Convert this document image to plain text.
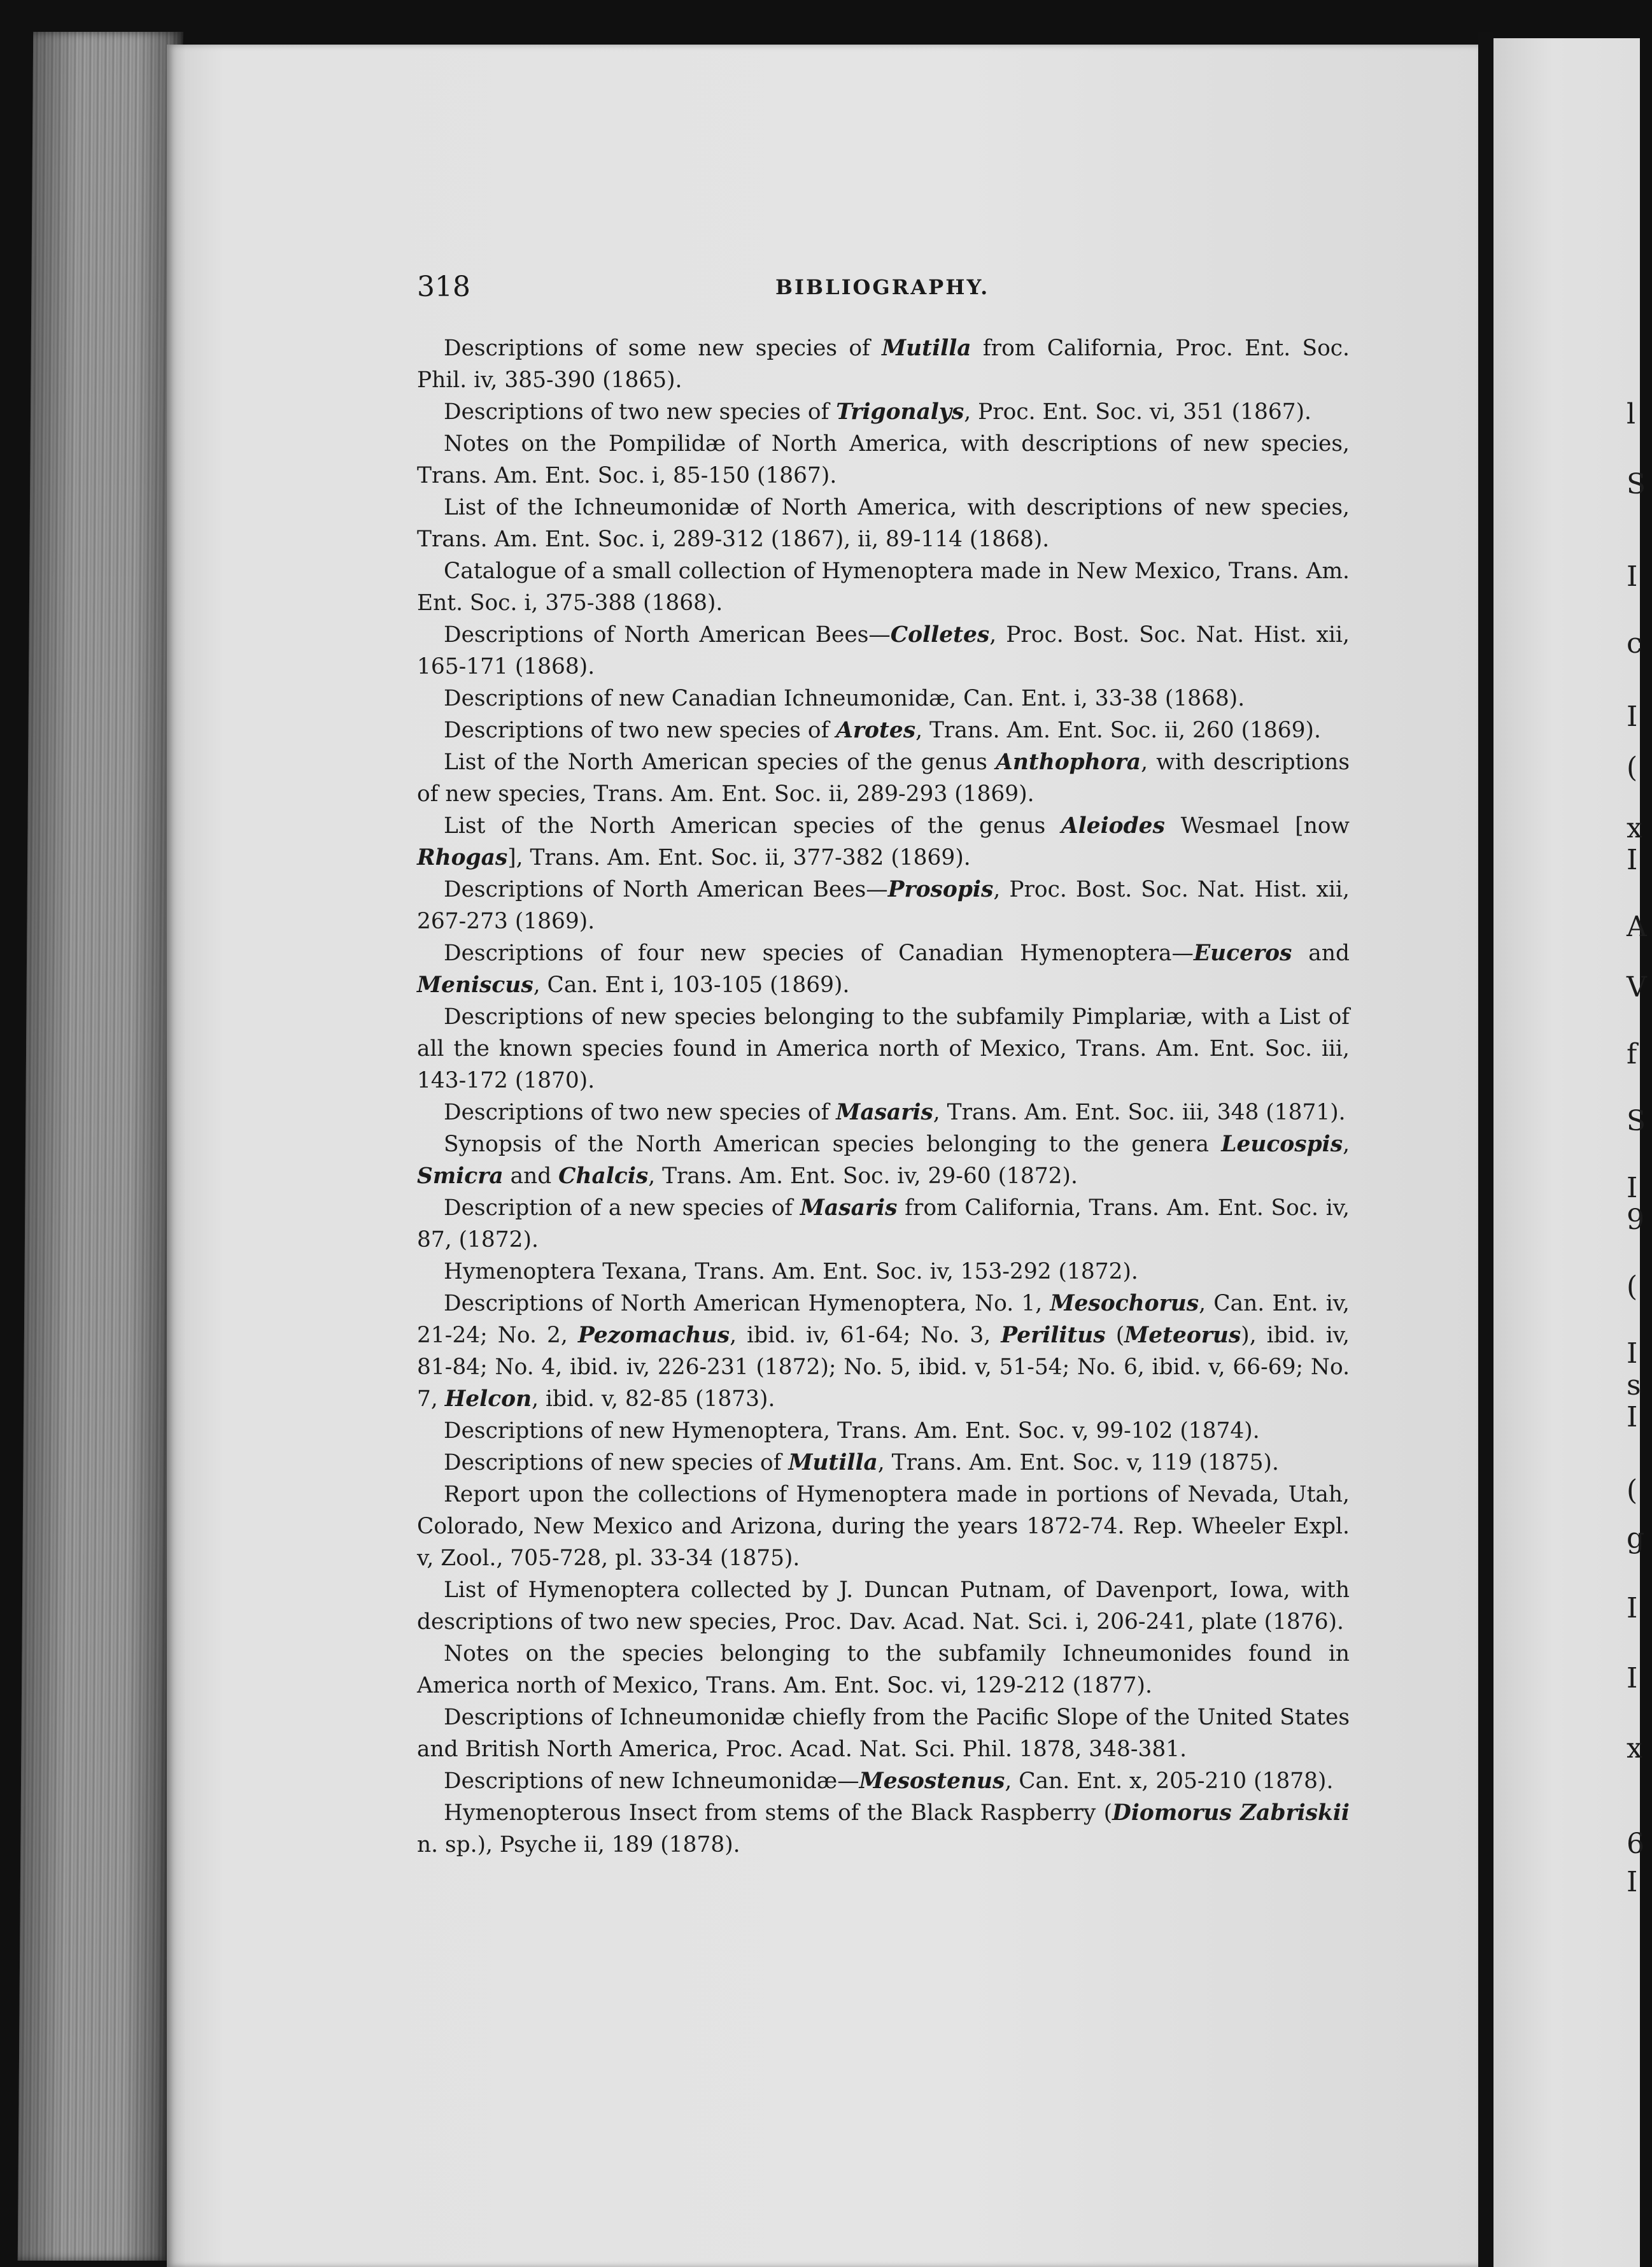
l
S
I
c
I
(
x
I
A
V
f
S
I
9
(
I
s
I
(
g
I
I
x
6
I
318	BIBLIOGRAPHY.
Descriptions of some new species of Mutilla from California, Proc. Ent. Soc. Phil. iv, 385-390 (1865).
Descriptions of two new species of Trigonalys, Proc. Ent. Soc. vi, 351 (1867).
Notes on the Pompilidæ of North America, with descriptions of new species, Trans. Am. Ent. Soc. i, 85-150 (1867).
List of the Ichneumonidæ of North America, with descriptions of new species, Trans. Am. Ent. Soc. i, 289-312 (1867), ii, 89-114 (1868).
Catalogue of a small collection of Hymenoptera made in New Mexico, Trans. Am. Ent. Soc. i, 375-388 (1868).
Descriptions of North American Bees—Colletes, Proc. Bost. Soc. Nat. Hist. xii, 165-171 (1868).
Descriptions of new Canadian Ichneumonidæ, Can. Ent. i, 33-38 (1868).
Descriptions of two new species of Arotes, Trans. Am. Ent. Soc. ii, 260 (1869).
List of the North American species of the genus Anthophora, with descriptions of new species, Trans. Am. Ent. Soc. ii, 289-293 (1869).
List of the North American species of the genus Aleiodes Wesmael [now Rhogas], Trans. Am. Ent. Soc. ii, 377-382 (1869).
Descriptions of North American Bees—Prosopis, Proc. Bost. Soc. Nat. Hist. xii, 267-273 (1869).
Descriptions of four new species of Canadian Hymenoptera—Euceros and Meniscus, Can. Ent i, 103-105 (1869).
Descriptions of new species belonging to the subfamily Pimplariæ, with a List of all the known species found in America north of Mexico, Trans. Am. Ent. Soc. iii, 143-172 (1870).
Descriptions of two new species of Masaris, Trans. Am. Ent. Soc. iii, 348 (1871).
Synopsis of the North American species belonging to the genera Leucospis, Smicra and Chalcis, Trans. Am. Ent. Soc. iv, 29-60 (1872).
Description of a new species of Masaris from California, Trans. Am. Ent. Soc. iv, 87, (1872).
Hymenoptera Texana, Trans. Am. Ent. Soc. iv, 153-292 (1872).
Descriptions of North American Hymenoptera, No. 1, Mesochorus, Can. Ent. iv, 21-24; No. 2, Pezomachus, ibid. iv, 61-64; No. 3, Perilitus (Meteorus), ibid. iv, 81-84; No. 4, ibid. iv, 226-231 (1872); No. 5, ibid. v, 51-54; No. 6, ibid. v, 66-69; No. 7, Helcon, ibid. v, 82-85 (1873).
Descriptions of new Hymenoptera, Trans. Am. Ent. Soc. v, 99-102 (1874).
Descriptions of new species of Mutilla, Trans. Am. Ent. Soc. v, 119 (1875).
Report upon the collections of Hymenoptera made in portions of Nevada, Utah, Colorado, New Mexico and Arizona, during the years 1872-74. Rep. Wheeler Expl. v, Zool., 705-728, pl. 33-34 (1875).
List of Hymenoptera collected by J. Duncan Putnam, of Davenport, Iowa, with descriptions of two new species, Proc. Dav. Acad. Nat. Sci. i, 206-241, plate (1876).
Notes on the species belonging to the subfamily Ichneumonides found in America north of Mexico, Trans. Am. Ent. Soc. vi, 129-212 (1877).
Descriptions of Ichneumonidæ chiefly from the Pacific Slope of the United States and British North America, Proc. Acad. Nat. Sci. Phil. 1878, 348-381.
Descriptions of new Ichneumonidæ—Mesostenus, Can. Ent. x, 205-210 (1878).
Hymenopterous Insect from stems of the Black Raspberry (Diomorus Zabriskii n. sp.), Psyche ii, 189 (1878).
